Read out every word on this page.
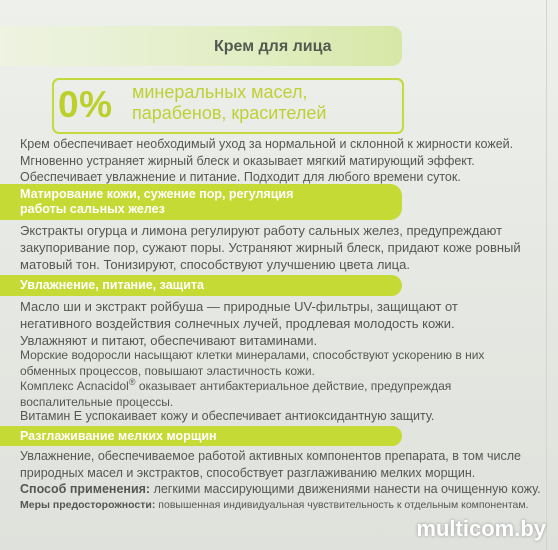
Крем для лица
0% минеральных масел,
парабенов, красителей
Крем обеспечивает необходимый уход за нормальной и склонной к жирности кожей.
Мгновенно устраняет жирный блеск и оказывает мягкий матирующий эффект.
Обеспечивает увлажнение и питание. Подходит для любого времени суток.
Матирование кожи, сужение пор, регуляция
работы сальных желез
Экстракты огурца и лимона регулируют работу сальных желез, предупреждают
закупоривание пор, сужают поры. Устраняют жирный блеск, придают коже ровный
матовый тон. Тонизируют, способствуют улучшению цвета лица.
Увлажнение, питание, защита
Масло ши и экстракт ройбуша — природные UV-фильтры, защищают от
негативного воздействия солнечных лучей, продлевая молодость кожи.
Увлажняют и питают, обеспечивают витаминами.
Морские водоросли насыщают клетки минералами, способствуют ускорению в них
обменных процессов, повышают эластичность кожи.
Комплекс Acnacidol® оказывает антибактериальное действие, предупреждая
воспалительные процессы.
Витамин Е успокаивает кожу и обеспечивает антиоксидантную защиту.
Разглаживание мелких морщин
Увлажнение, обеспечиваемое работой активных компонентов препарата, в том числе
природных масел и экстрактов, способствует разглаживанию мелких морщин.
Способ применения: легкими массирующими движениями нанести на очищенную кожу.
Меры предосторожности: повышенная индивидуальная чувствительность к отдельным компонентам.
multicom.by
